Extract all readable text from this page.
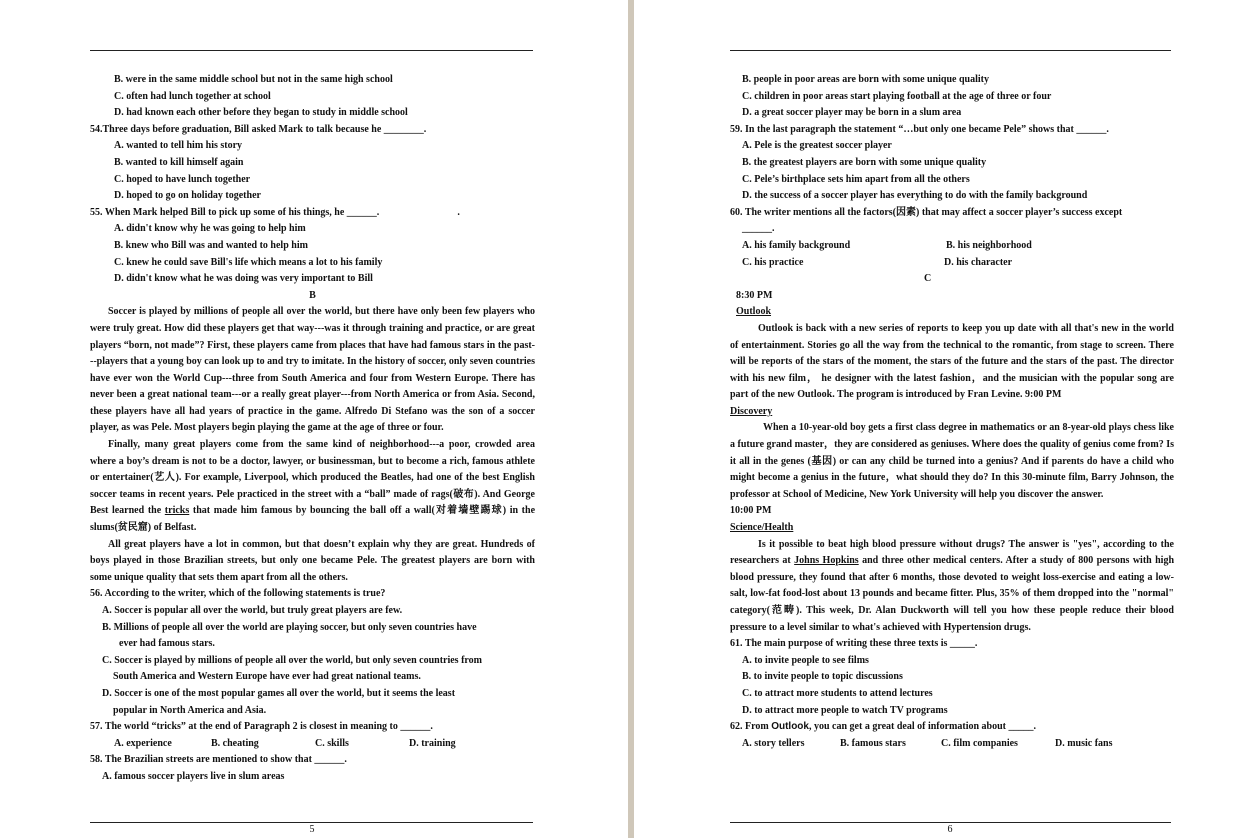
B. were in the same middle school but not in the same high school
C. often had lunch together at school
D. had known each other before they began to study in middle school
54.Three days before graduation, Bill asked Mark to talk because he ________.
A. wanted to tell him his story
B. wanted to kill himself again
C. hoped to have lunch together
D. hoped to go on holiday together
55. When Mark helped Bill to pick up some of his things, he ______.	.
A. didn't know why he was going to help him
B. knew who Bill was and wanted to help him
C. knew he could save Bill's life which means a lot to his family
D. didn't know what he was doing was very important to Bill
B
Soccer is played by millions of people all over the world, but there have only been few players who were truly great. How did these players get that way---was it through training and practice, or are great players “born, not made”? First, these players came from places that have had famous stars in the past---players that a young boy can look up to and try to imitate. In the history of soccer, only seven countries have ever won the World Cup---three from South America and four from Western Europe. There has never been a great national team---or a really great player---from North America or from Asia. Second, these players have all had years of practice in the game. Alfredo Di Stefano was the son of a soccer player, as was Pele. Most players begin playing the game at the age of three or four.
Finally, many great players come from the same kind of neighborhood---a poor, crowded area where a boy’s dream is not to be a doctor, lawyer, or businessman, but to become a rich, famous athlete or entertainer(艺人). For example, Liverpool, which produced the Beatles, had one of the best English soccer teams in recent years. Pele practiced in the street with a “ball” made of rags(破布). And George Best learned the tricks that made him famous by bouncing the ball off a wall(对着墙壁踢球) in the slums(贫民窟) of Belfast.
All great players have a lot in common, but that doesn’t explain why they are great. Hundreds of boys played in those Brazilian streets, but only one became Pele. The greatest players are born with some unique quality that sets them apart from all the others.
56. According to the writer, which of the following statements is true?
A. Soccer is popular all over the world, but truly great players are few.
B. Millions of people all over the world are playing soccer, but only seven countries have
ever had famous stars.
C. Soccer is played by millions of people all over the world, but only seven countries from
South America and Western Europe have ever had great national teams.
D. Soccer is one of the most popular games all over the world, but it seems the least
popular in North America and Asia.
57. The world “tricks” at the end of Paragraph 2 is closest in meaning to ______.
A. experience	B. cheating	C. skills	D. training
58. The Brazilian streets are mentioned to show that ______.
A. famous soccer players live in slum areas
5
B. people in poor areas are born with some unique quality
C. children in poor areas start playing football at the age of three or four
D. a great soccer player may be born in a slum area
59. In the last paragraph the statement “…but only one became Pele” shows that ______.
A. Pele is the greatest soccer player
B. the greatest players are born with some unique quality
C. Pele’s birthplace sets him apart from all the others
D. the success of a soccer player has everything to do with the family background
60. The writer mentions all the factors(因素) that may affect a soccer player’s success except
______.
A. his family background	B. his neighborhood
C. his practice	D. his character
C
8:30 PM
Outlook
Outlook is back with a new series of reports to keep you up date with all that's new in the world of entertainment. Stories go all the way from the technical to the romantic, from stage to screen. There will be reports of the stars of the moment, the stars of the future and the stars of the past. The director with his new film， he designer with the latest fashion，and the musician with the popular song are part of the new Outlook. The program is introduced by Fran Levine. 9:00 PM
Discovery
When a 10-year-old boy gets a first class degree in mathematics or an 8-year-old plays chess like a future grand master，they are considered as geniuses. Where does the quality of genius come from? Is it all in the genes (基因) or can any child be turned into a genius? And if parents do have a child who might become a genius in the future，what should they do? In this 30-minute film, Barry Johnson, the professor at School of Medicine, New York University will help you discover the answer.
10:00 PM
Science/Health
Is it possible to beat high blood pressure without drugs? The answer is "yes", according to the researchers at Johns Hopkins and three other medical centers. After a study of 800 persons with high blood pressure, they found that after 6 months, those devoted to weight loss-exercise and eating a low-salt, low-fat food-lost about 13 pounds and became fitter. Plus, 35% of them dropped into the "normal" category(范畴). This week, Dr. Alan Duckworth will tell you how these people reduce their blood pressure to a level similar to what's achieved with Hypertension drugs.
61. The main purpose of writing these three texts is _____.
A. to invite people to see films
B. to invite people to topic discussions
C. to attract more students to attend lectures
D. to attract more people to watch TV programs
62. From Outlook, you can get a great deal of information about _____.
A. story tellers	B. famous stars	C. film companies	D. music fans
6
